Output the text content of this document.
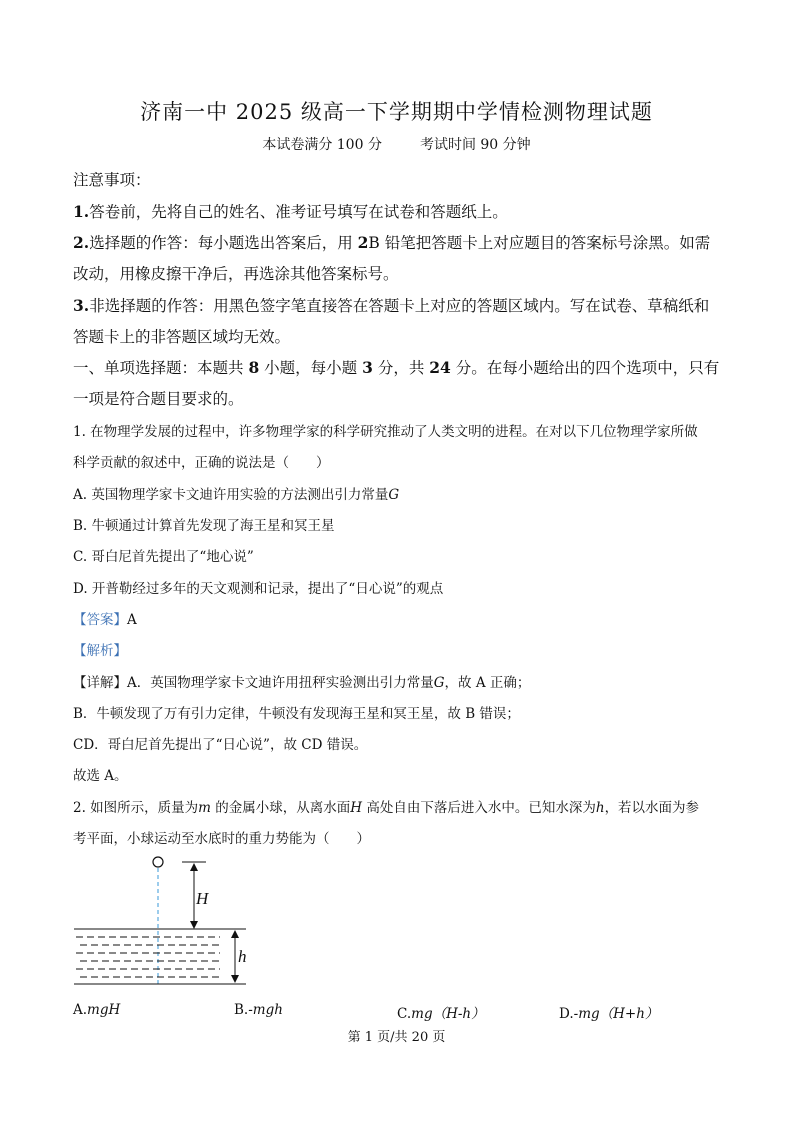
济南一中 2025 级高一下学期期中学情检测物理试题
本试卷满分 100 分	考试时间 90 分钟
注意事项：
1.答卷前，先将自己的姓名、准考证号填写在试卷和答题纸上。
2.选择题的作答：每小题选出答案后，用 2B 铅笔把答题卡上对应题目的答案标号涂黑。如需
改动，用橡皮擦干净后，再选涂其他答案标号。
3.非选择题的作答：用黑色签字笔直接答在答题卡上对应的答题区域内。写在试卷、草稿纸和
答题卡上的非答题区域均无效。
一、单项选择题：本题共 8 小题，每小题 3 分，共 24 分。在每小题给出的四个选项中，只有
一项是符合题目要求的。
1. 在物理学发展的过程中，许多物理学家的科学研究推动了人类文明的进程。在对以下几位物理学家所做
科学贡献的叙述中，正确的说法是（　　）
A. 英国物理学家卡文迪许用实验的方法测出引力常量G
B. 牛顿通过计算首先发现了海王星和冥王星
C. 哥白尼首先提出了“地心说”
D. 开普勒经过多年的天文观测和记录，提出了“日心说”的观点
【答案】A
【解析】
【详解】A．英国物理学家卡文迪许用扭秤实验测出引力常量G，故 A 正确；
B．牛顿发现了万有引力定律，牛顿没有发现海王星和冥王星，故 B 错误；
CD．哥白尼首先提出了“日心说”，故 CD 错误。
故选 A。
2. 如图所示，质量为m 的金属小球，从离水面H 高处自由下落后进入水中。已知水深为h，若以水面为参
考平面，小球运动至水底时的重力势能为（　　）
H
h
A.mgH	B.-mgh	C.mg（H-h）	D.-mg（H+h）
第 1 页/共 20 页
